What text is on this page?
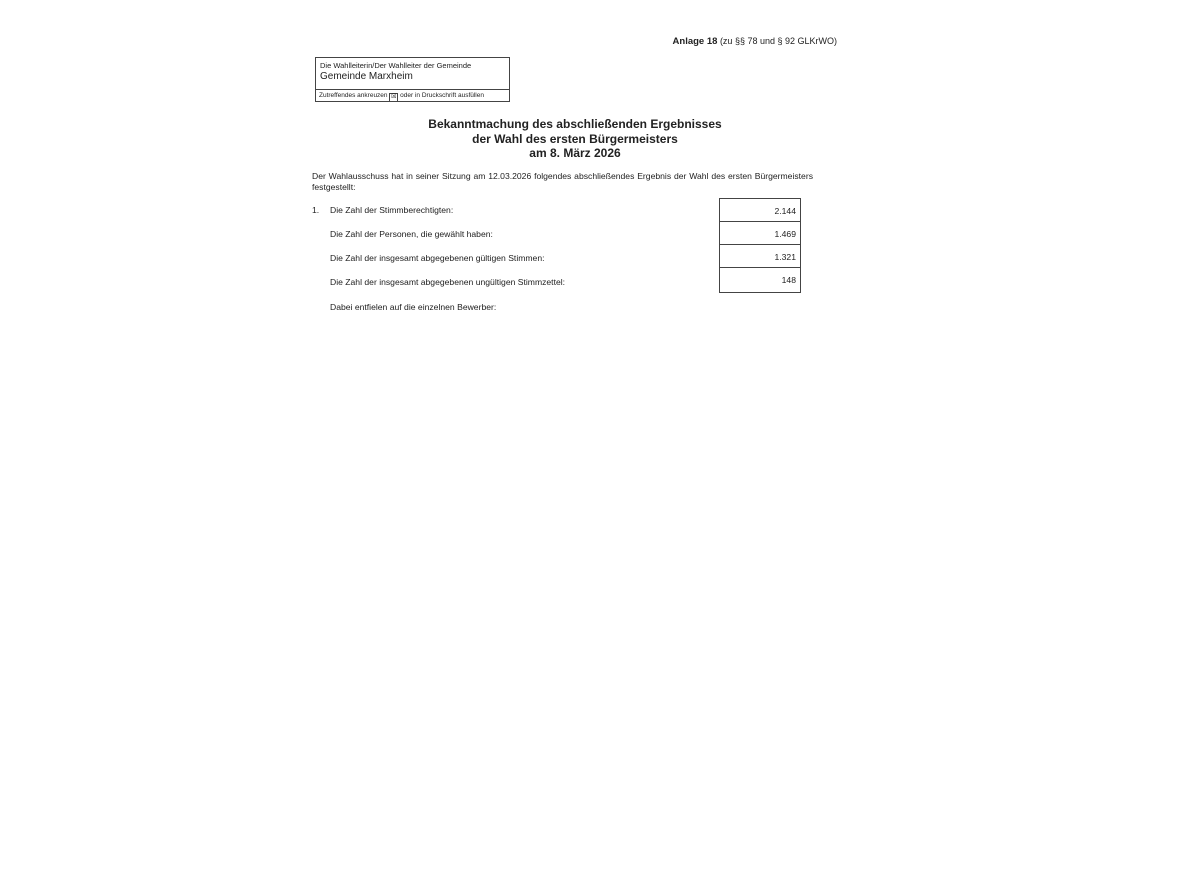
Anlage 18 (zu §§ 78 und § 92 GLKrWO)
Die Wahlleiterin/Der Wahlleiter der Gemeinde
Gemeinde Marxheim
Zutreffendes ankreuzen ☒ oder in Druckschrift ausfüllen
Bekanntmachung des abschließenden Ergebnisses
der Wahl des ersten Bürgermeisters
am 8. März 2026
Der Wahlausschuss hat in seiner Sitzung am 12.03.2026 folgendes abschließendes Ergebnis der Wahl des ersten Bürgermeisters festgestellt:
1. Die Zahl der Stimmberechtigten:
Die Zahl der Personen, die gewählt haben:
Die Zahl der insgesamt abgegebenen gültigen Stimmen:
Die Zahl der insgesamt abgegebenen ungültigen Stimmzettel:
2.144
1.469
1.321
148
Dabei entfielen auf die einzelnen Bewerber:
